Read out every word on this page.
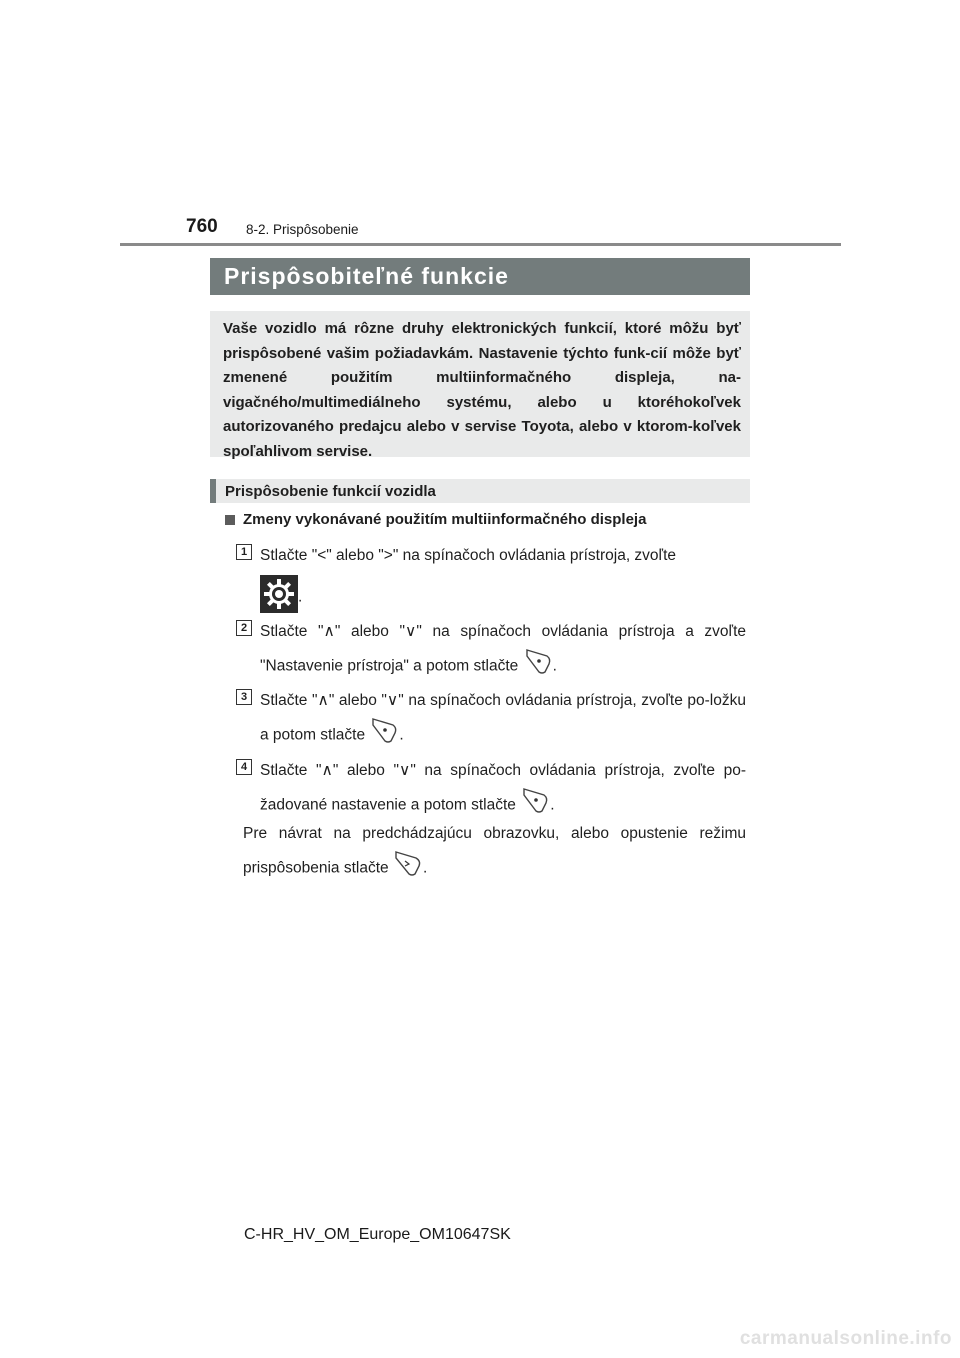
760 8-2. Prispôsobenie
Prispôsobiteľné funkcie
Vaše vozidlo má rôzne druhy elektronických funkcií, ktoré môžu byť prispôsobené vašim požiadavkám. Nastavenie týchto funk-cií môže byť zmenené použitím multiinformačného displeja, na-vigačného/multimediálneho systému, alebo u ktoréhokoľvek autorizovaného predajcu alebo v servise Toyota, alebo v ktorom-koľvek spoľahlivom servise.
Prispôsobenie funkcií vozidla
Zmeny vykonávané použitím multiinformačného displeja
1 Stlačte "<" alebo ">" na spínačoch ovládania prístroja, zvoľte
.
2 Stlačte "∧" alebo "∨" na spínačoch ovládania prístroja a zvoľte "Nastavenie prístroja" a potom stlačte .
3 Stlačte "∧" alebo "∨" na spínačoch ovládania prístroja, zvoľte po-ložku a potom stlačte .
4 Stlačte "∧" alebo "∨" na spínačoch ovládania prístroja, zvoľte po-žadované nastavenie a potom stlačte .
Pre návrat na predchádzajúcu obrazovku, alebo opustenie režimu prispôsobenia stlačte .
C-HR_HV_OM_Europe_OM10647SK
carmanualsonline.info
